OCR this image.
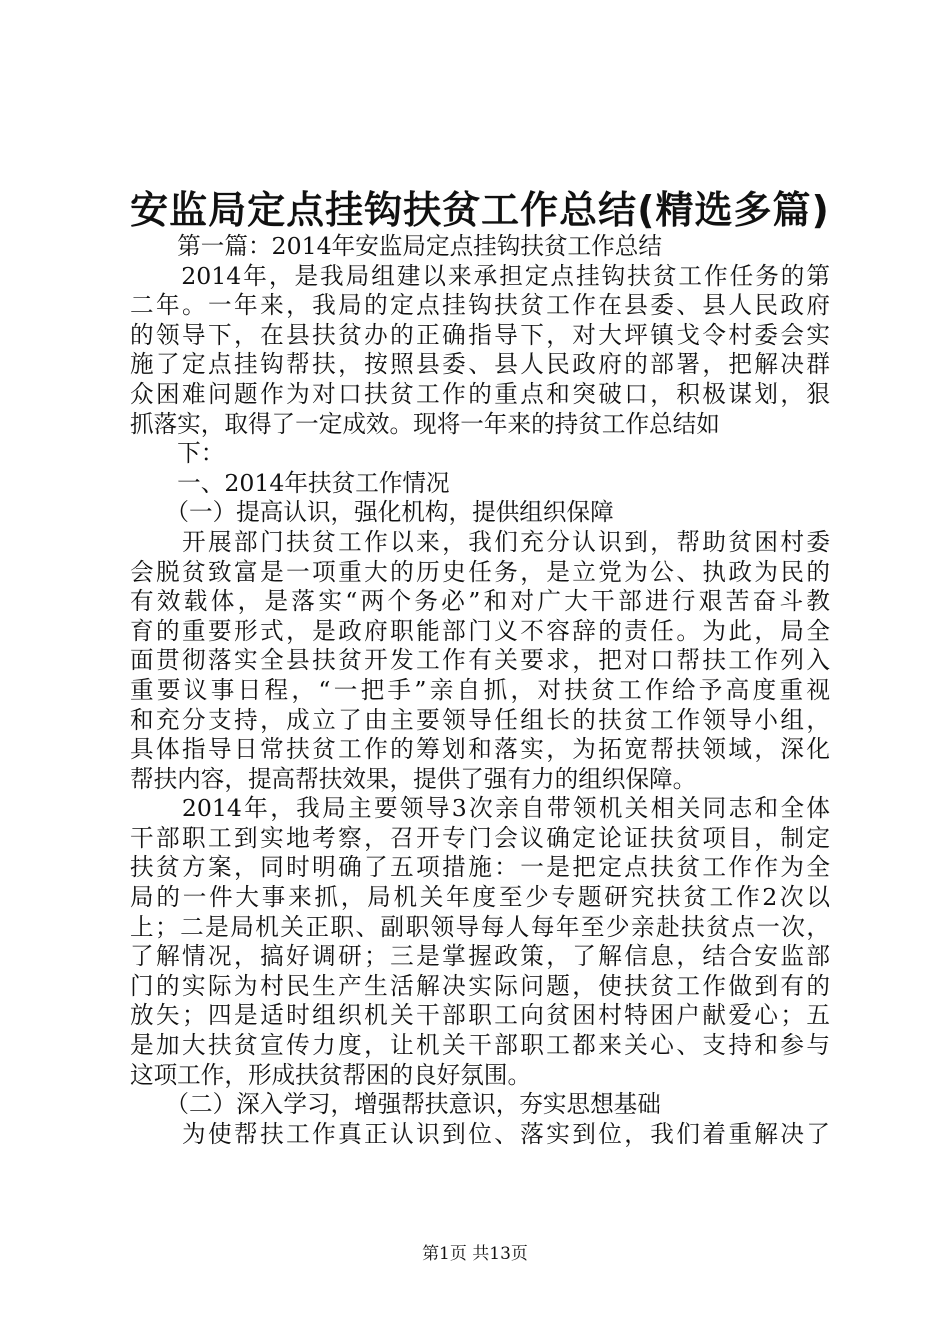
安监局定点挂钩扶贫工作总结(精选多篇)
　　第一篇：2014年安监局定点挂钩扶贫工作总结
　　2014年，是我局组建以来承担定点挂钩扶贫工作任务的第
二年。一年来，我局的定点挂钩扶贫工作在县委、县人民政府
的领导下，在县扶贫办的正确指导下，对大坪镇戈令村委会实
施了定点挂钩帮扶，按照县委、县人民政府的部署，把解决群
众困难问题作为对口扶贫工作的重点和突破口，积极谋划，狠
抓落实，取得了一定成效。现将一年来的持贫工作总结如
　　下：
　　一、2014年扶贫工作情况
　　（一）提高认识，强化机构，提供组织保障
　　开展部门扶贫工作以来，我们充分认识到，帮助贫困村委
会脱贫致富是一项重大的历史任务，是立党为公、执政为民的
有效载体，是落实“两个务必”和对广大干部进行艰苦奋斗教
育的重要形式，是政府职能部门义不容辞的责任。为此，局全
面贯彻落实全县扶贫开发工作有关要求，把对口帮扶工作列入
重要议事日程，“一把手”亲自抓，对扶贫工作给予高度重视
和充分支持，成立了由主要领导任组长的扶贫工作领导小组，
具体指导日常扶贫工作的筹划和落实，为拓宽帮扶领域，深化
帮扶内容，提高帮扶效果，提供了强有力的组织保障。
　　2014年，我局主要领导3次亲自带领机关相关同志和全体
干部职工到实地考察，召开专门会议确定论证扶贫项目，制定
扶贫方案，同时明确了五项措施：一是把定点扶贫工作作为全
局的一件大事来抓，局机关年度至少专题研究扶贫工作2次以
上；二是局机关正职、副职领导每人每年至少亲赴扶贫点一次，
了解情况，搞好调研；三是掌握政策，了解信息，结合安监部
门的实际为村民生产生活解决实际问题，使扶贫工作做到有的
放矢；四是适时组织机关干部职工向贫困村特困户献爱心；五
是加大扶贫宣传力度，让机关干部职工都来关心、支持和参与
这项工作，形成扶贫帮困的良好氛围。
　　（二）深入学习，增强帮扶意识，夯实思想基础
　　为使帮扶工作真正认识到位、落实到位，我们着重解决了
第1页 共13页
